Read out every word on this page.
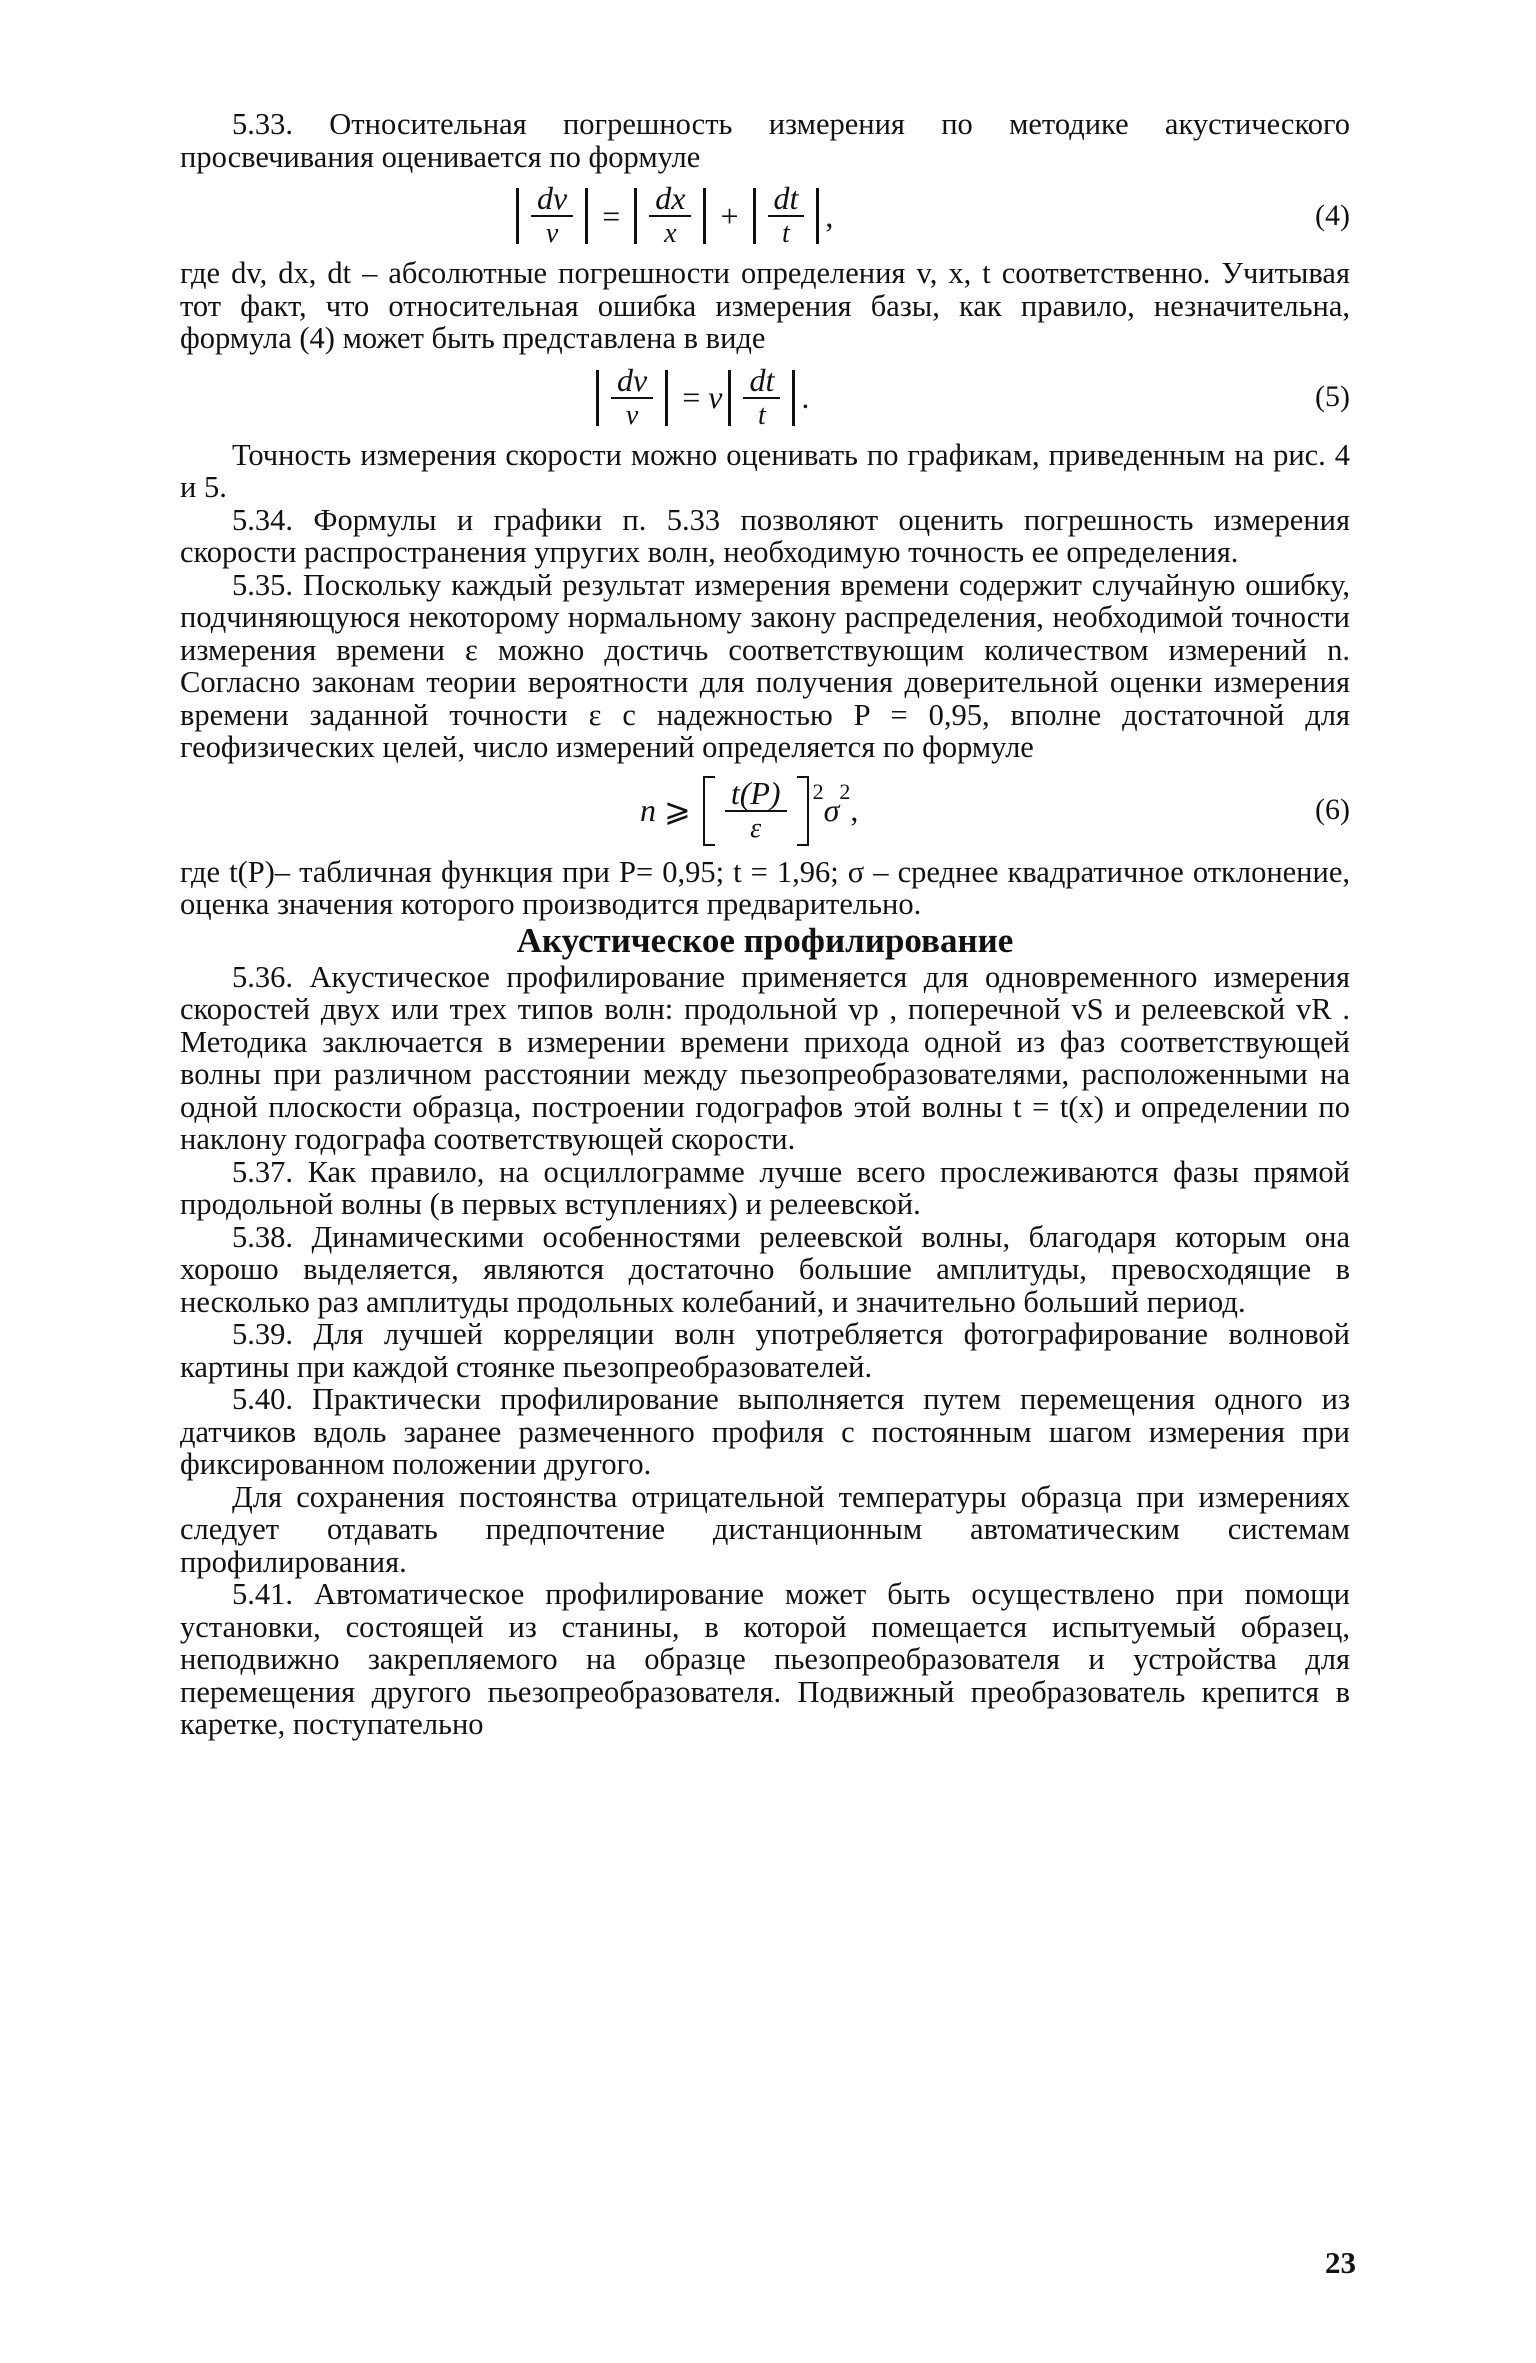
5.33. Относительная погрешность измерения по методике акустического просвечивания оценивается по формуле

$\frac{dv}{v} = \frac{dx}{x} + \frac{dt}{t}$ ,	(4)

где dv, dx, dt – абсолютные погрешности определения v, x, t соответственно. Учитывая тот факт, что относительная ошибка измерения базы, как правило, незначительна, формула (4) может быть представлена в виде

$\frac{dv}{v} = v \frac{dt}{t}$ .	(5)

Точность измерения скорости можно оценивать по графикам, приведенным на рис. 4 и 5.

5.34. Формулы и графики п. 5.33 позволяют оценить погрешность измерения скорости распространения упругих волн, необходимую точность ее определения.

5.35. Поскольку каждый результат измерения времени содержит случайную ошибку, подчиняющуюся некоторому нормальному закону распределения, необходимой точности измерения времени ε можно достичь соответствующим количеством измерений n. Согласно законам теории вероятности для получения доверительной оценки измерения времени заданной точности ε с надежностью P = 0,95, вполне достаточной для геофизических целей, число измерений определяется по формуле

n ⩾ $\frac{t(P)}{\varepsilon} 2$
σ
2
,	(6)

где t(P)– табличная функция при P= 0,95; t = 1,96; σ – среднее квадратичное отклонение, оценка значения которого производится предварительно.

Акустическое профилирование

5.36. Акустическое профилирование применяется для одновременного измерения скоростей двух или трех типов волн: продольной vp , поперечной vS и релеевской vR . Методика заключается в измерении времени прихода одной из фаз соответствующей волны при различном расстоянии между пьезопреобразователями, расположенными на одной плоскости образца, построении годографов этой волны t = t(x) и определении по наклону годографа соответствующей скорости.

5.37. Как правило, на осциллограмме лучше всего прослеживаются фазы прямой продольной волны (в первых вступлениях) и релеевской.

5.38. Динамическими особенностями релеевской волны, благодаря которым она хорошо выделяется, являются достаточно большие амплитуды, превосходящие в несколько раз амплитуды продольных колебаний, и значительно больший период.

5.39. Для лучшей корреляции волн употребляется фотографирование волновой картины при каждой стоянке пьезопреобразователей.

5.40. Практически профилирование выполняется путем перемещения одного из датчиков вдоль заранее размеченного профиля с постоянным шагом измерения при фиксированном положении другого.

Для сохранения постоянства отрицательной температуры образца при измерениях следует отдавать предпочтение дистанционным автоматическим системам профилирования.

5.41. Автоматическое профилирование может быть осуществлено при помощи установки, состоящей из станины, в которой помещается испытуемый образец, неподвижно закрепляемого на образце пьезопреобразователя и устройства для перемещения другого пьезопреобразователя. Подвижный преобразователь крепится в каретке, поступательно

23
